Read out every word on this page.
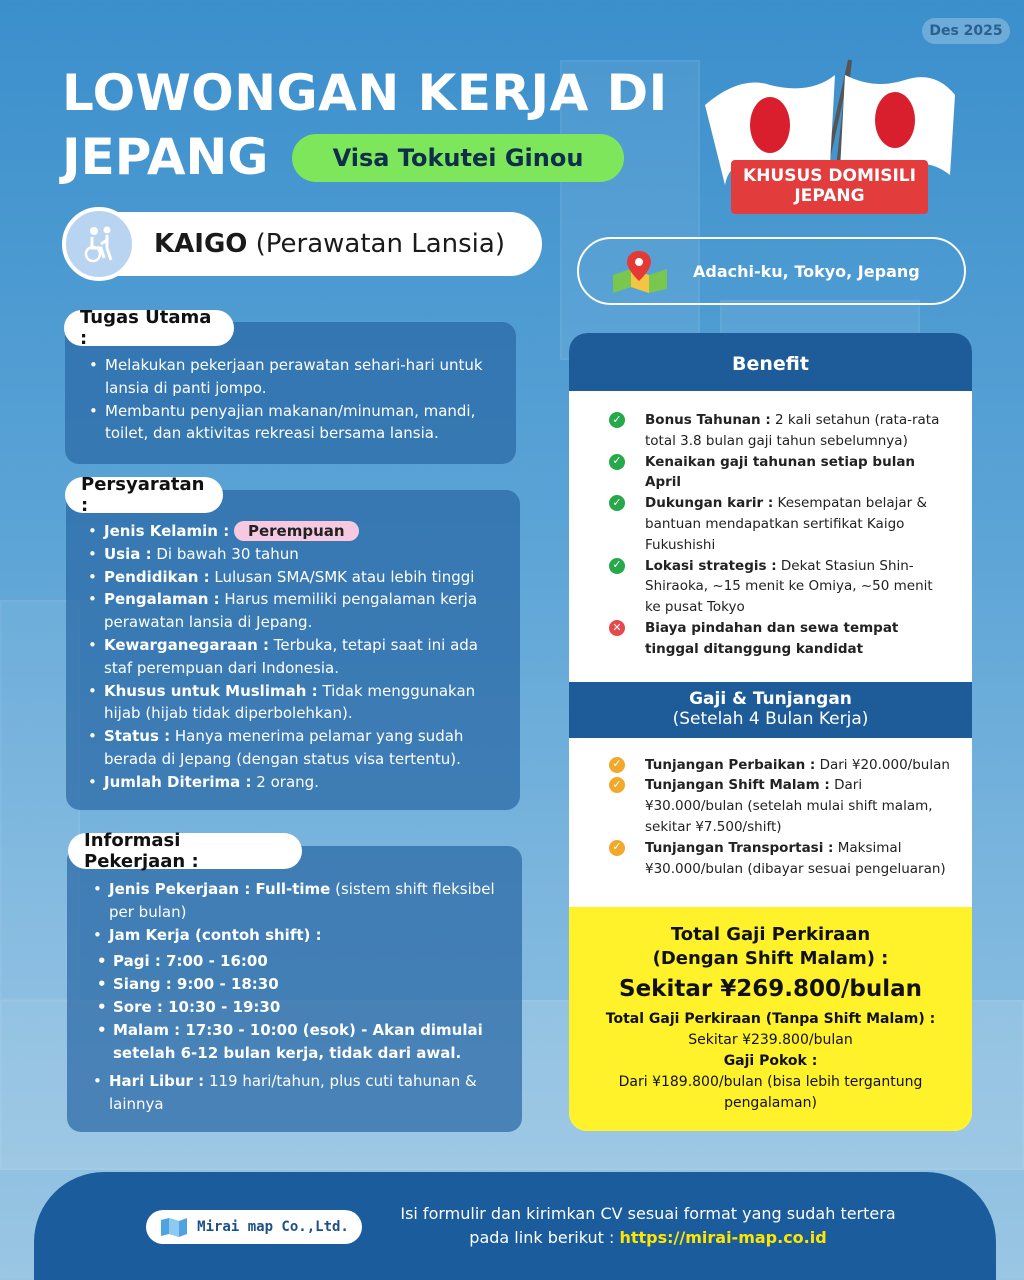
Des 2025
LOWONGAN KERJA DI
JEPANG	Visa Tokutei Ginou
KAIGO (Perawatan Lansia)
KHUSUS DOMISILI
JEPANG
Adachi-ku, Tokyo, Jepang
• Melakukan pekerjaan perawatan sehari-hari untuk lansia di panti jompo.
• Membantu penyajian makanan/minuman, mandi, toilet, dan aktivitas rekreasi bersama lansia.
Tugas Utama :
• Jenis Kelamin : Perempuan
• Usia : Di bawah 30 tahun
• Pendidikan : Lulusan SMA/SMK atau lebih tinggi
• Pengalaman : Harus memiliki pengalaman kerja perawatan lansia di Jepang.
• Kewarganegaraan : Terbuka, tetapi saat ini ada staf perempuan dari Indonesia.
• Khusus untuk Muslimah : Tidak menggunakan hijab (hijab tidak diperbolehkan).
• Status : Hanya menerima pelamar yang sudah berada di Jepang (dengan status visa tertentu).
• Jumlah Diterima : 2 orang.
Persyaratan :
• Jenis Pekerjaan : Full-time (sistem shift fleksibel per bulan)
• Jam Kerja (contoh shift) :
• Pagi : 7:00 - 16:00
• Siang : 9:00 - 18:30
• Sore : 10:30 - 19:30
• Malam : 17:30 - 10:00 (esok) - Akan dimulai setelah 6-12 bulan kerja, tidak dari awal.
• Hari Libur : 119 hari/tahun, plus cuti tahunan & lainnya
Informasi Pekerjaan :
Benefit
✓ Bonus Tahunan : 2 kali setahun (rata-rata total 3.8 bulan gaji tahun sebelumnya)
✓ Kenaikan gaji tahunan setiap bulan April
✓ Dukungan karir : Kesempatan belajar & bantuan mendapatkan sertifikat Kaigo Fukushishi
✓ Lokasi strategis : Dekat Stasiun Shin-Shiraoka, ~15 menit ke Omiya, ~50 menit ke pusat Tokyo
✕ Biaya pindahan dan sewa tempat tinggal ditanggung kandidat
Gaji & Tunjangan
(Setelah 4 Bulan Kerja)
✓ Tunjangan Perbaikan : Dari ¥20.000/bulan
✓ Tunjangan Shift Malam : Dari ¥30.000/bulan (setelah mulai shift malam, sekitar ¥7.500/shift)
✓ Tunjangan Transportasi : Maksimal ¥30.000/bulan (dibayar sesuai pengeluaran)
Total Gaji Perkiraan
(Dengan Shift Malam) :
Sekitar ¥269.800/bulan
Total Gaji Perkiraan (Tanpa Shift Malam) :
Sekitar ¥239.800/bulan
Gaji Pokok :
Dari ¥189.800/bulan (bisa lebih tergantung pengalaman)
Mirai map Co.,Ltd.
Isi formulir dan kirimkan CV sesuai format yang sudah tertera
pada link berikut : https://mirai-map.co.id
